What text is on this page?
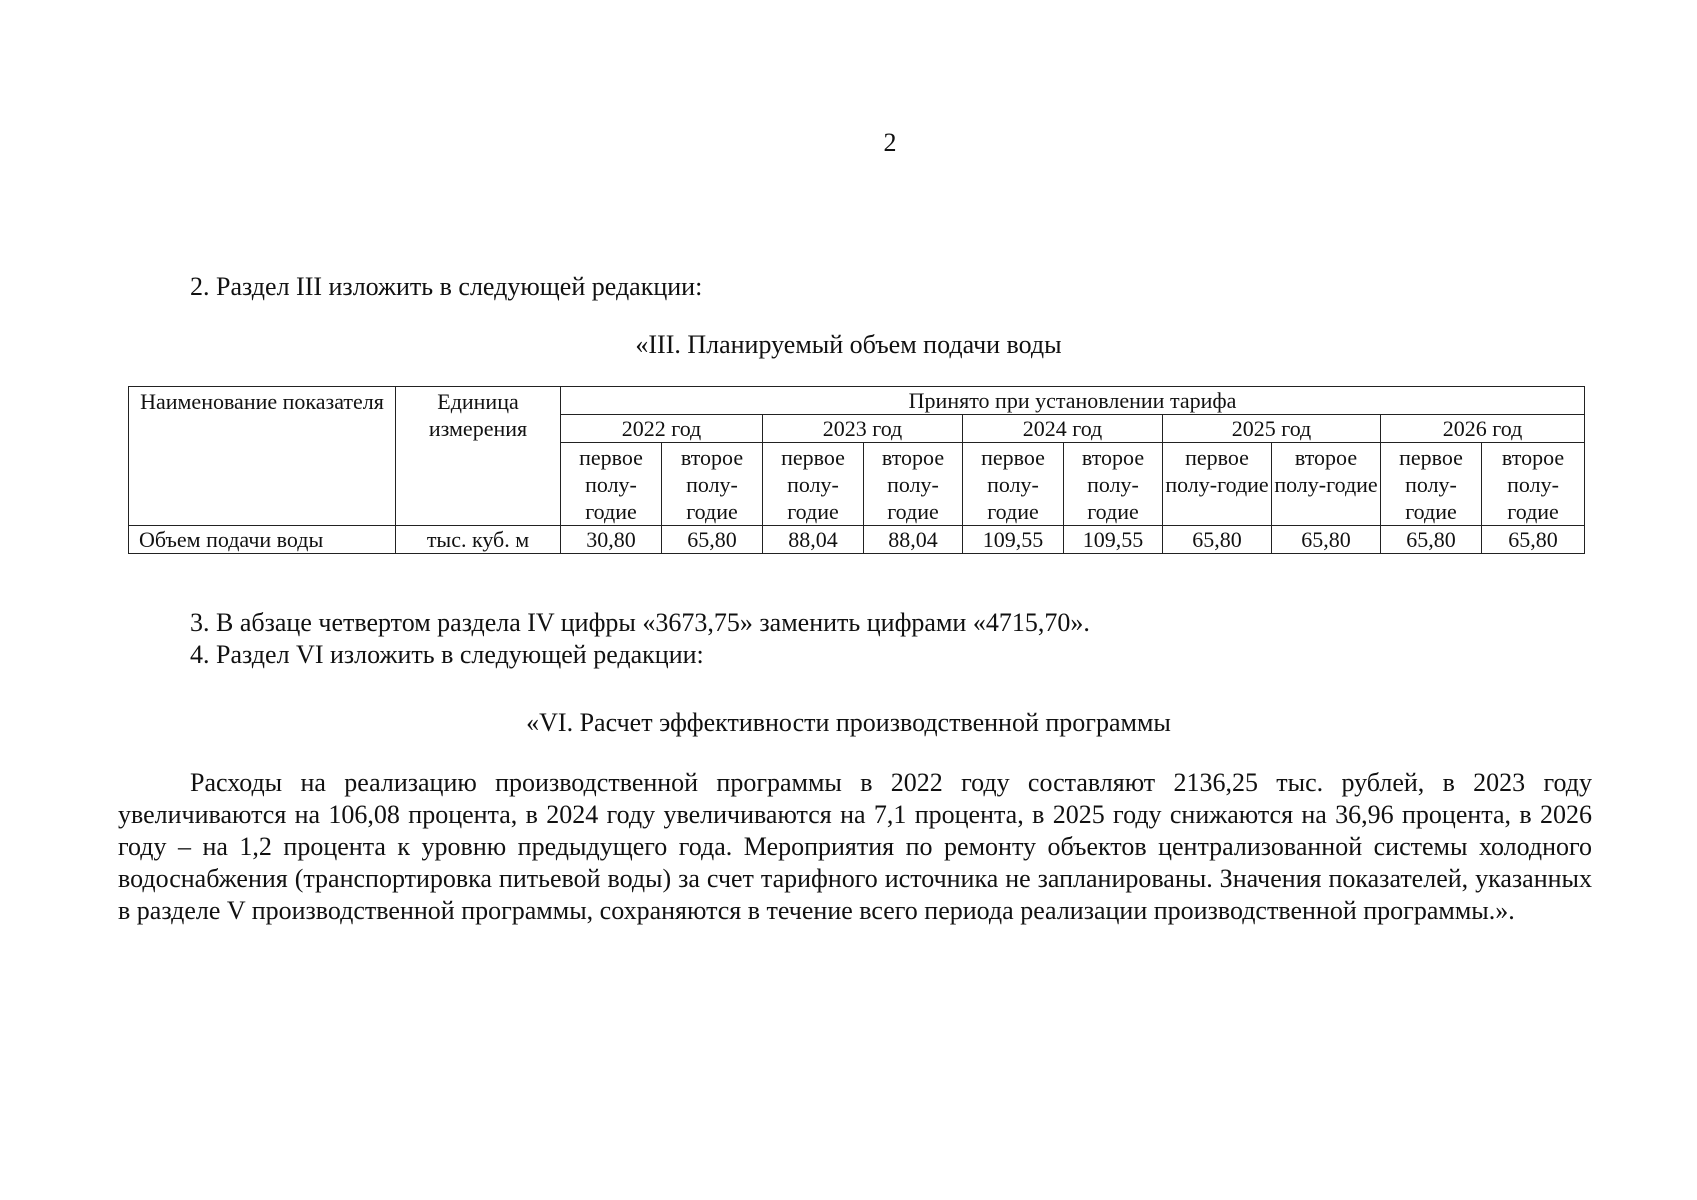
2
2. Раздел III изложить в следующей редакции:
«III. Планируемый объем подачи воды
Наименование показателя	Единица измерения	Принято при установлении тарифа									
		2022 год		2023 год		2024 год		2025 год		2026 год	
		первое полу-годие	второе полу-годие	первое полу-годие	второе полу-годие	первое полу-годие	второе полу-годие	первое полу-годие	второе полу-годие	первое полу-годие	второе полу-годие
Объем подачи воды	тыс. куб. м	30,80	65,80	88,04	88,04	109,55	109,55	65,80	65,80	65,80	65,80
3. В абзаце четвертом раздела IV цифры «3673,75» заменить цифрами «4715,70».
4. Раздел VI изложить в следующей редакции:
«VI. Расчет эффективности производственной программы

Расходы на реализацию производственной программы в 2022 году составляют 2136,25 тыс. рублей, в 2023 году увеличиваются на 106,08 процента, в 2024 году увеличиваются на 7,1 процента, в 2025 году снижаются на 36,96 процента, в 2026 году – на 1,2 процента к уровню предыдущего года. Мероприятия по ремонту объектов централизованной системы холодного водоснабжения (транспортировка питьевой воды) за счет тарифного источника не запланированы. Значения показателей, указанных в разделе V производственной программы, сохраняются в течение всего периода реализации производственной программы.».
